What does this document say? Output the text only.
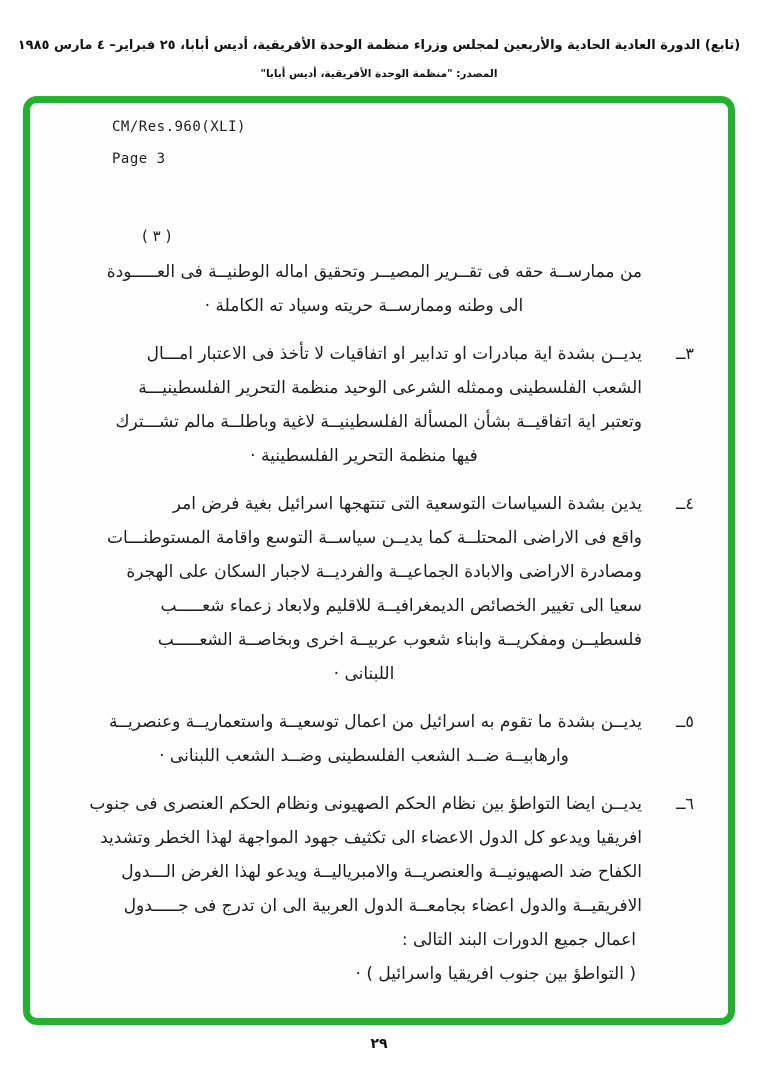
(تابع) الدورة العادية الحادية والأربعين لمجلس وزراء منظمة الوحدة الأفريقية، أديس أبابا، ٢٥ فبراير– ٤ مارس ١٩٨٥
المصدر: "منظمة الوحدة الأفريقية، أديس أبابا"
CM/Res.960(XLI)
Page 3
( ٣ )
من ممارســة حقه فى تقــرير المصيــر وتحقيق اماله الوطنيــة فى العـــــودة
الى وطنه وممارســة حريته وسياد ته الكاملة ·
٣ــ
يديــن بشدة اية مبادرات او تدابير او اتفاقيات لا تأخذ فى الاعتبار امـــال
الشعب الفلسطينى وممثله الشرعى الوحيد منظمة التحرير الفلسطينيـــة
وتعتبر اية اتفاقيــة بشأن المسألة الفلسطينيــة لاغية وباطلــة مالم تشـــترك
فيها منظمة التحرير الفلسطينية ·
٤ــ
يدين بشدة السياسات التوسعية التى تنتهجها اسرائيل بغية فرض امر
واقع فى الاراضى المحتلــة كما يديــن سياســة التوسع واقامة المستوطنـــات
ومصادرة الاراضى والابادة الجماعيــة والفرديــة لاجبار السكان على الهجرة
سعيا الى تغيير الخصائص الديمغرافيــة للاقليم ولابعاد زعماء شعـــــب
فلسطيــن ومفكريــة وابناء شعوب عربيــة اخرى وبخاصــة الشعـــــب
اللبنانى ·
٥ــ
يديــن بشدة ما تقوم به اسرائيل من اعمال توسعيــة واستعماريــة وعنصريــة
وارهابيــة ضــد الشعب الفلسطينى وضــد الشعب اللبنانى ·
٦ــ
يديــن ايضا التواطؤ بين نظام الحكم الصهيونى ونظام الحكم العنصرى فى جنوب
افريقيا ويدعو كل الدول الاعضاء الى تكثيف جهود المواجهة لهذا الخطر وتشديد
الكفاح ضد الصهيونيــة والعنصريــة والامبرياليــة ويدعو لهذا الغرض الـــدول
الافريقيــة والدول اعضاء بجامعــة الدول العربية الى ان تدرج فى جـــــدول
اعمال جميع الدورات البند التالى :
( التواطؤ بين جنوب افريقيا واسرائيل ) ·
٢٩
